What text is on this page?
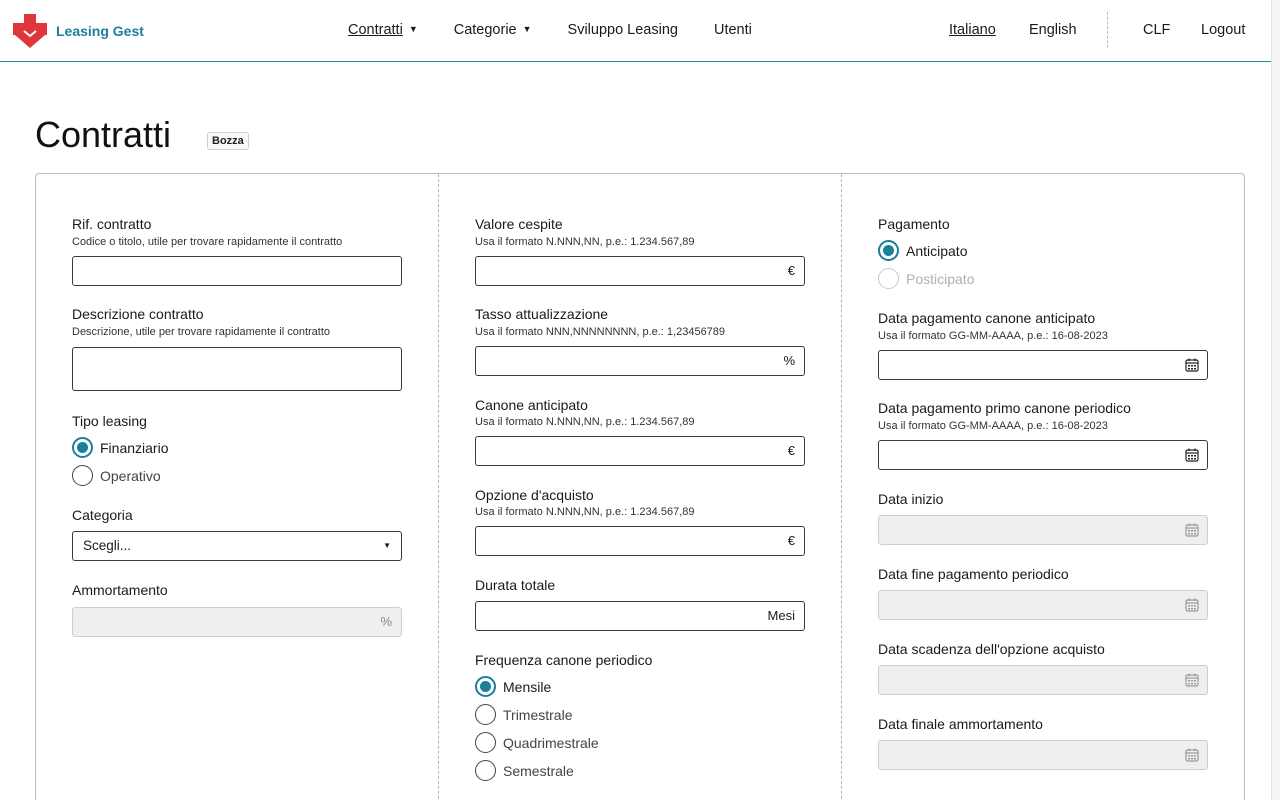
Leasing Gest	Contratti ▼ Categorie ▼ Sviluppo Leasing Utenti	Italiano English	CLF Logout
Contratti	Bozza
Rif. contratto
Codice o titolo, utile per trovare rapidamente il contratto
Descrizione contratto
Descrizione, utile per trovare rapidamente il contratto
Tipo leasing
Finanziario
Operativo
Categoria
Scegli...	▼
Ammortamento
%
Valore cespite
Usa il formato N.NNN,NN, p.e.: 1.234.567,89
€
Tasso attualizzazione
Usa il formato NNN,NNNNNNNN, p.e.: 1,23456789
%
Canone anticipato
Usa il formato N.NNN,NN, p.e.: 1.234.567,89
€
Opzione d'acquisto
Usa il formato N.NNN,NN, p.e.: 1.234.567,89
€
Durata totale
Mesi
Frequenza canone periodico
Mensile
Trimestrale
Quadrimestrale
Semestrale
Pagamento
Anticipato
Posticipato
Data pagamento canone anticipato
Usa il formato GG-MM-AAAA, p.e.: 16-08-2023
Data pagamento primo canone periodico
Usa il formato GG-MM-AAAA, p.e.: 16-08-2023
Data inizio
Data fine pagamento periodico
Data scadenza dell'opzione acquisto
Data finale ammortamento
